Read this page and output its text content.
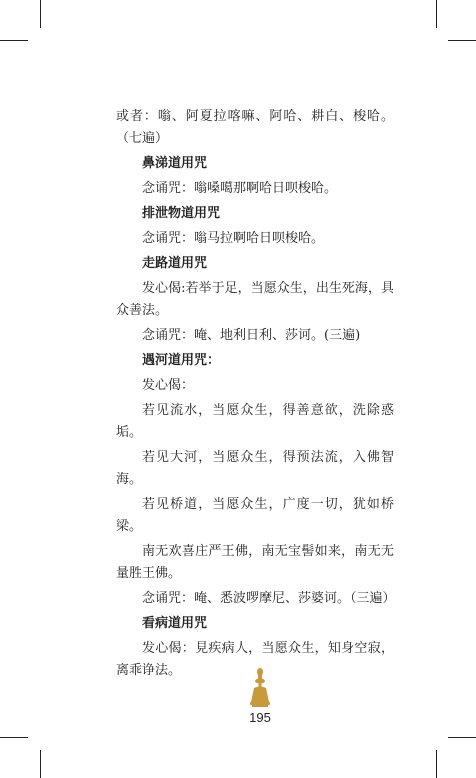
或者：嗡、阿夏拉喀嘛、阿哈、耕白、梭哈。（七遍）
鼻涕道用咒
念诵咒：嗡嗓噶那啊哈日呗梭哈。
排泄物道用咒
念诵咒：嗡马拉啊哈日呗梭哈。
走路道用咒
发心偈:若举于足，当愿众生，出生死海，具众善法。
念诵咒：唵、地利日利、莎诃。(三遍)
遇河道用咒：
发心偈：
若见流水，当愿众生，得善意欲，洗除惑垢。
若见大河，当愿众生，得预法流，入佛智海。
若见桥道，当愿众生，广度一切，犹如桥梁。
南无欢喜庄严王佛，南无宝髻如来，南无无量胜王佛。
念诵咒：唵、悉波啰摩尼、莎婆诃。（三遍）
看病道用咒
发心偈：見疾病人，当愿众生，知身空寂，离乖诤法。
195
